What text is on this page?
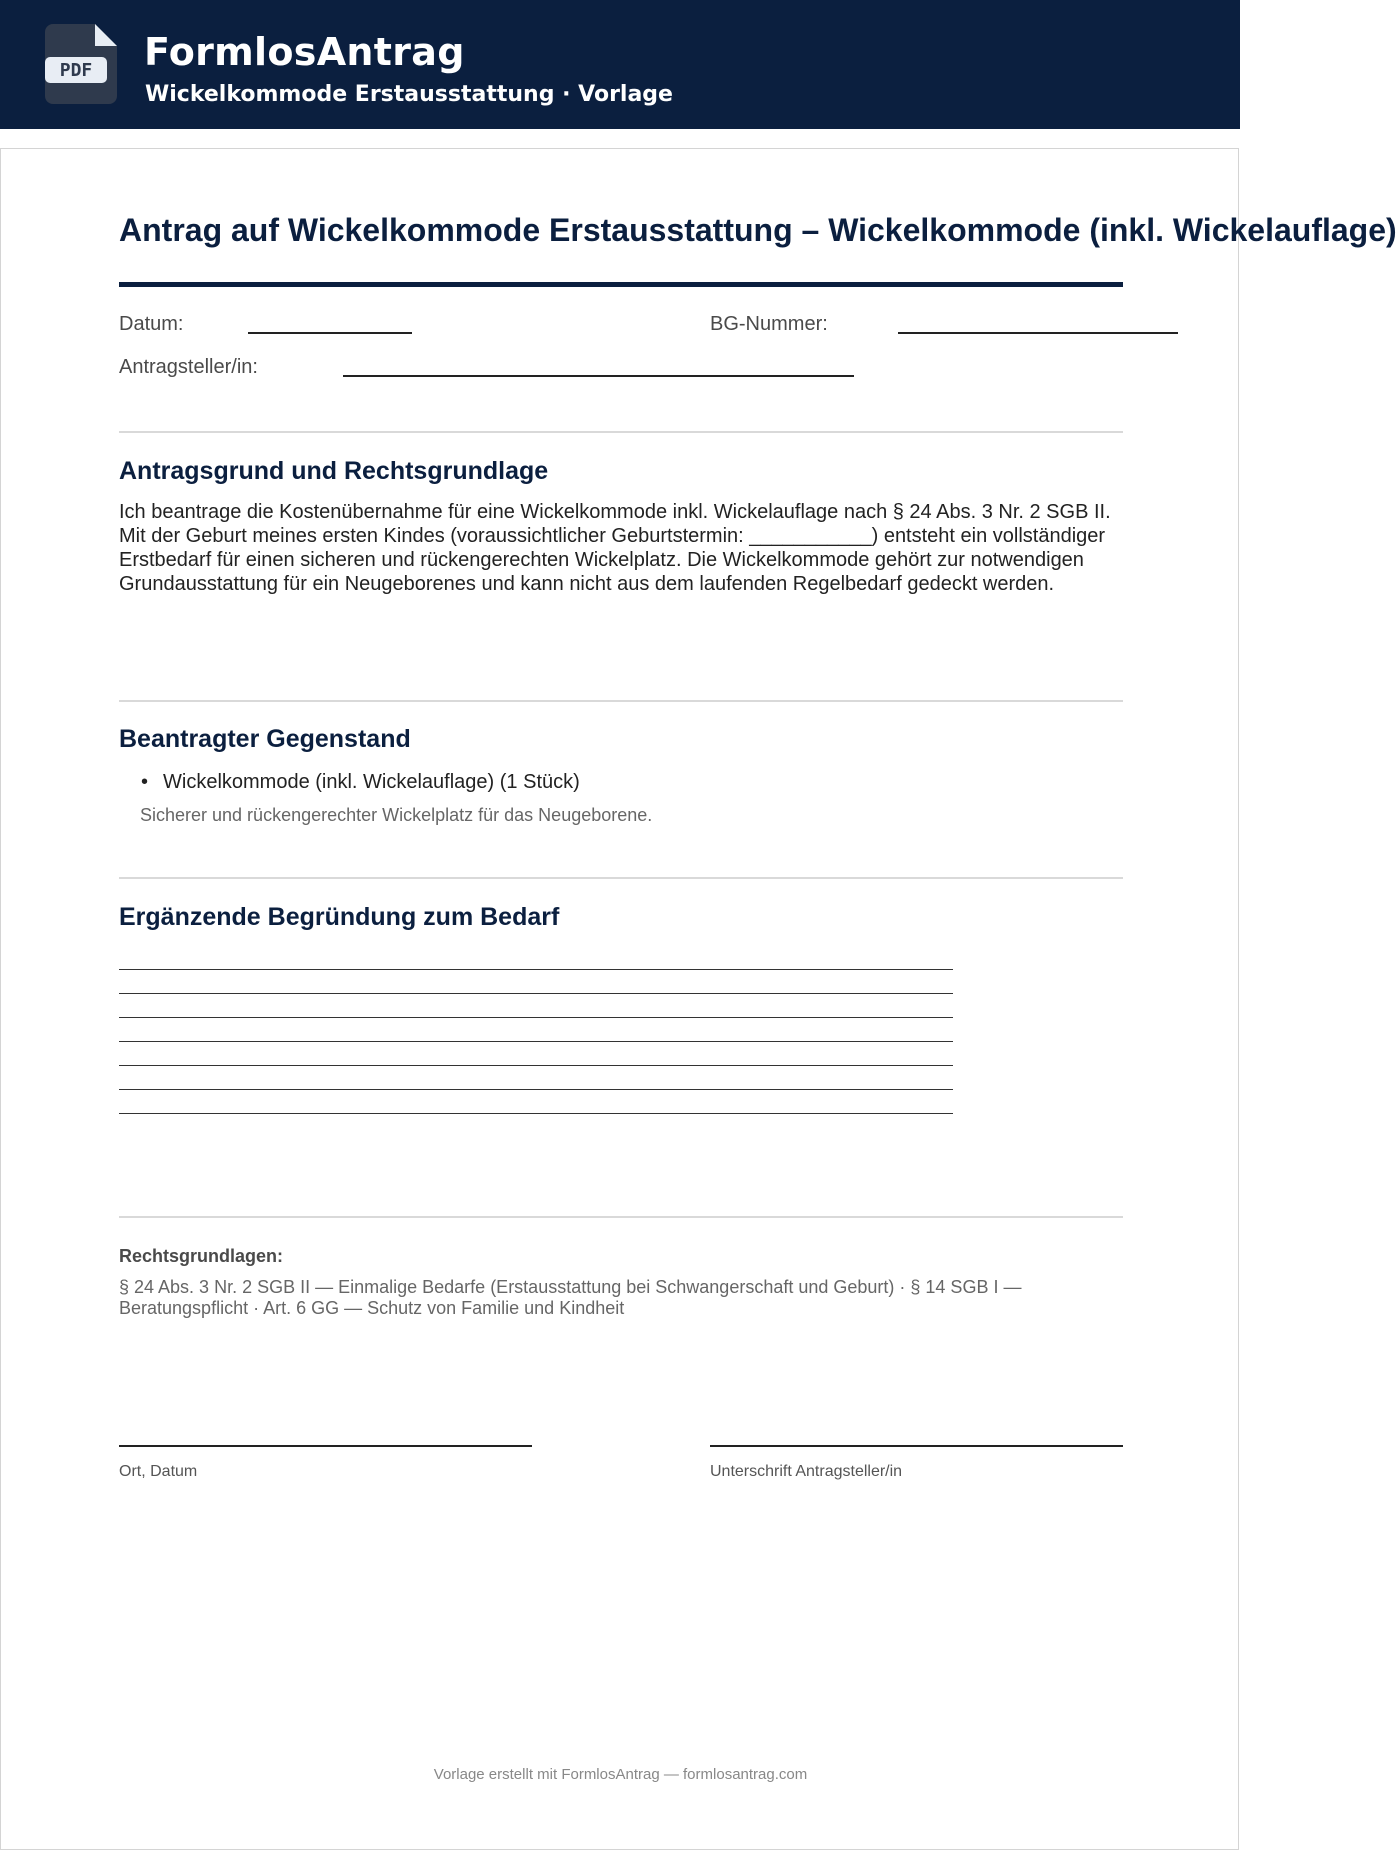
PDF FormlosAntrag
Wickelkommode Erstausstattung · Vorlage
Antrag auf Wickelkommode Erstausstattung – Wickelkommode (inkl. Wickelauflage)
Datum:	BG-Nummer:
Antragsteller/in:
Antragsgrund und Rechtsgrundlage
Ich beantrage die Kostenübernahme für eine Wickelkommode inkl. Wickelauflage nach § 24 Abs. 3 Nr. 2 SGB II. Mit der Geburt meines ersten Kindes (voraussichtlicher Geburtstermin: ___________) entsteht ein vollständiger Erstbedarf für einen sicheren und rückengerechten Wickelplatz. Die Wickelkommode gehört zur notwendigen Grundausstattung für ein Neugeborenes und kann nicht aus dem laufenden Regelbedarf gedeckt werden.
Beantragter Gegenstand
• Wickelkommode (inkl. Wickelauflage) (1 Stück)
Sicherer und rückengerechter Wickelplatz für das Neugeborene.
Ergänzende Begründung zum Bedarf
Rechtsgrundlagen:
§ 24 Abs. 3 Nr. 2 SGB II — Einmalige Bedarfe (Erstausstattung bei Schwangerschaft und Geburt) · § 14 SGB I — Beratungspflicht · Art. 6 GG — Schutz von Familie und Kindheit
Ort, Datum	Unterschrift Antragsteller/in
Vorlage erstellt mit FormlosAntrag — formlosantrag.com
